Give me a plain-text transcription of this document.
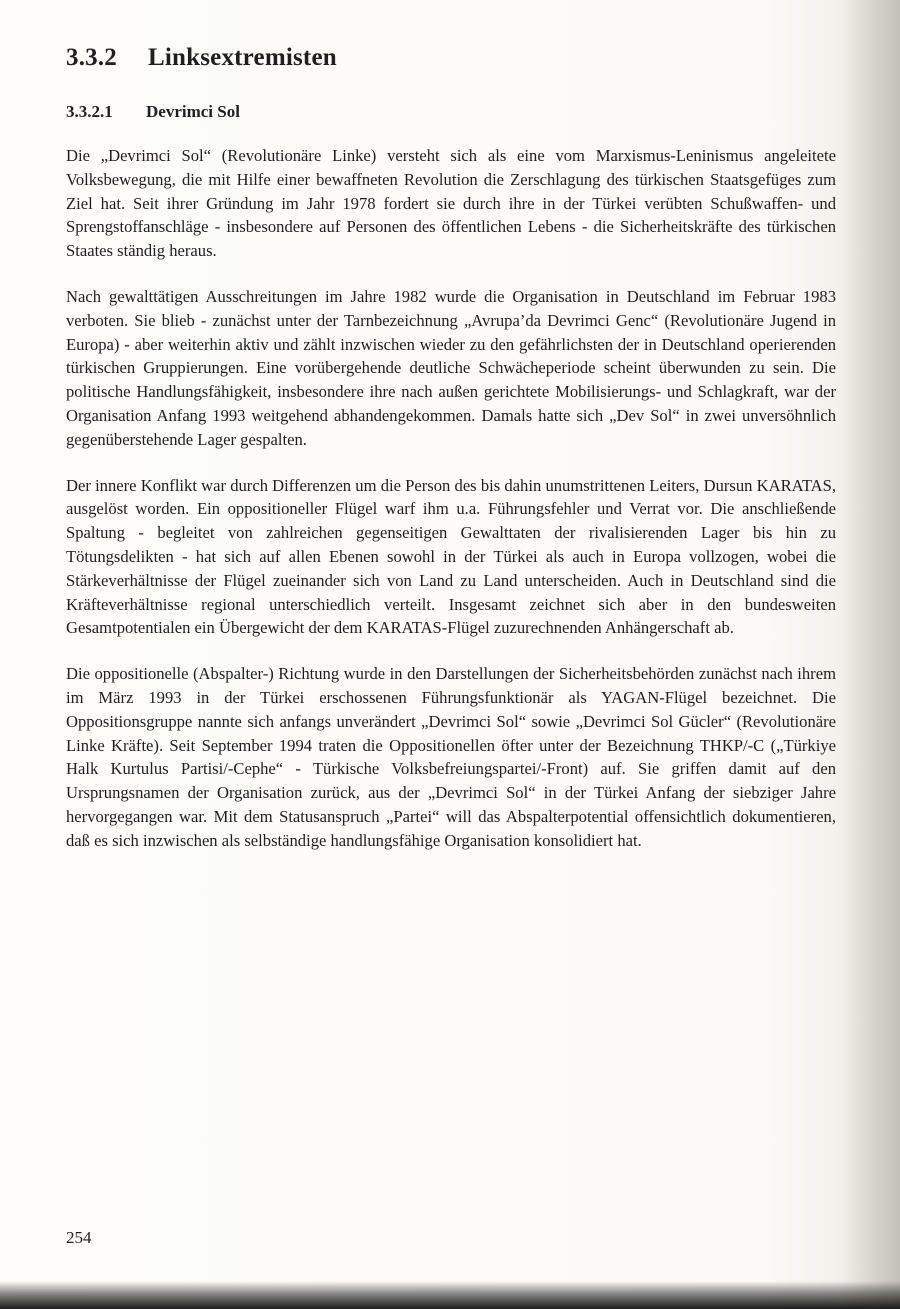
3.3.2 Linksextremisten
3.3.2.1 Devrimci Sol

Die „Devrimci Sol“ (Revolutionäre Linke) versteht sich als eine vom Marxismus-Leninismus angeleitete Volksbewegung, die mit Hilfe einer bewaffneten Revolution die Zerschlagung des türkischen Staatsgefüges zum Ziel hat. Seit ihrer Gründung im Jahr 1978 fordert sie durch ihre in der Türkei verübten Schußwaffen- und Sprengstoffanschläge - insbesondere auf Personen des öffentlichen Lebens - die Sicherheitskräfte des türkischen Staates ständig heraus.

Nach gewalttätigen Ausschreitungen im Jahre 1982 wurde die Organisation in Deutschland im Februar 1983 verboten. Sie blieb - zunächst unter der Tarnbezeichnung „Avrupa’da Devrimci Genc“ (Revolutionäre Jugend in Europa) - aber weiterhin aktiv und zählt inzwischen wieder zu den gefährlichsten der in Deutschland operierenden türkischen Gruppierungen. Eine vorübergehende deutliche Schwächeperiode scheint überwunden zu sein. Die politische Handlungsfähigkeit, insbesondere ihre nach außen gerichtete Mobilisierungs- und Schlagkraft, war der Organisation Anfang 1993 weitgehend abhandengekommen. Damals hatte sich „Dev Sol“ in zwei unversöhnlich gegenüberstehende Lager gespalten.

Der innere Konflikt war durch Differenzen um die Person des bis dahin unumstrittenen Leiters, Dursun KARATAS, ausgelöst worden. Ein oppositioneller Flügel warf ihm u.a. Führungsfehler und Verrat vor. Die anschließende Spaltung - begleitet von zahlreichen gegenseitigen Gewalttaten der rivalisierenden Lager bis hin zu Tötungsdelikten - hat sich auf allen Ebenen sowohl in der Türkei als auch in Europa vollzogen, wobei die Stärkeverhältnisse der Flügel zueinander sich von Land zu Land unterscheiden. Auch in Deutschland sind die Kräfteverhältnisse regional unterschiedlich verteilt. Insgesamt zeichnet sich aber in den bundesweiten Gesamtpotentialen ein Übergewicht der dem KARATAS-Flügel zuzurechnenden Anhängerschaft ab.

Die oppositionelle (Abspalter-) Richtung wurde in den Darstellungen der Sicherheitsbehörden zunächst nach ihrem im März 1993 in der Türkei erschossenen Führungsfunktionär als YAGAN-Flügel bezeichnet. Die Oppositionsgruppe nannte sich anfangs unverändert „Devrimci Sol“ sowie „Devrimci Sol Gücler“ (Revolutionäre Linke Kräfte). Seit September 1994 traten die Oppositionellen öfter unter der Bezeichnung THKP/-C („Türkiye Halk Kurtulus Partisi/-Cephe“ - Türkische Volksbefreiungspartei/-Front) auf. Sie griffen damit auf den Ursprungsnamen der Organisation zurück, aus der „Devrimci Sol“ in der Türkei Anfang der siebziger Jahre hervorgegangen war. Mit dem Statusanspruch „Partei“ will das Abspalterpotential offensichtlich dokumentieren, daß es sich inzwischen als selbständige handlungsfähige Organisation konsolidiert hat.

254
